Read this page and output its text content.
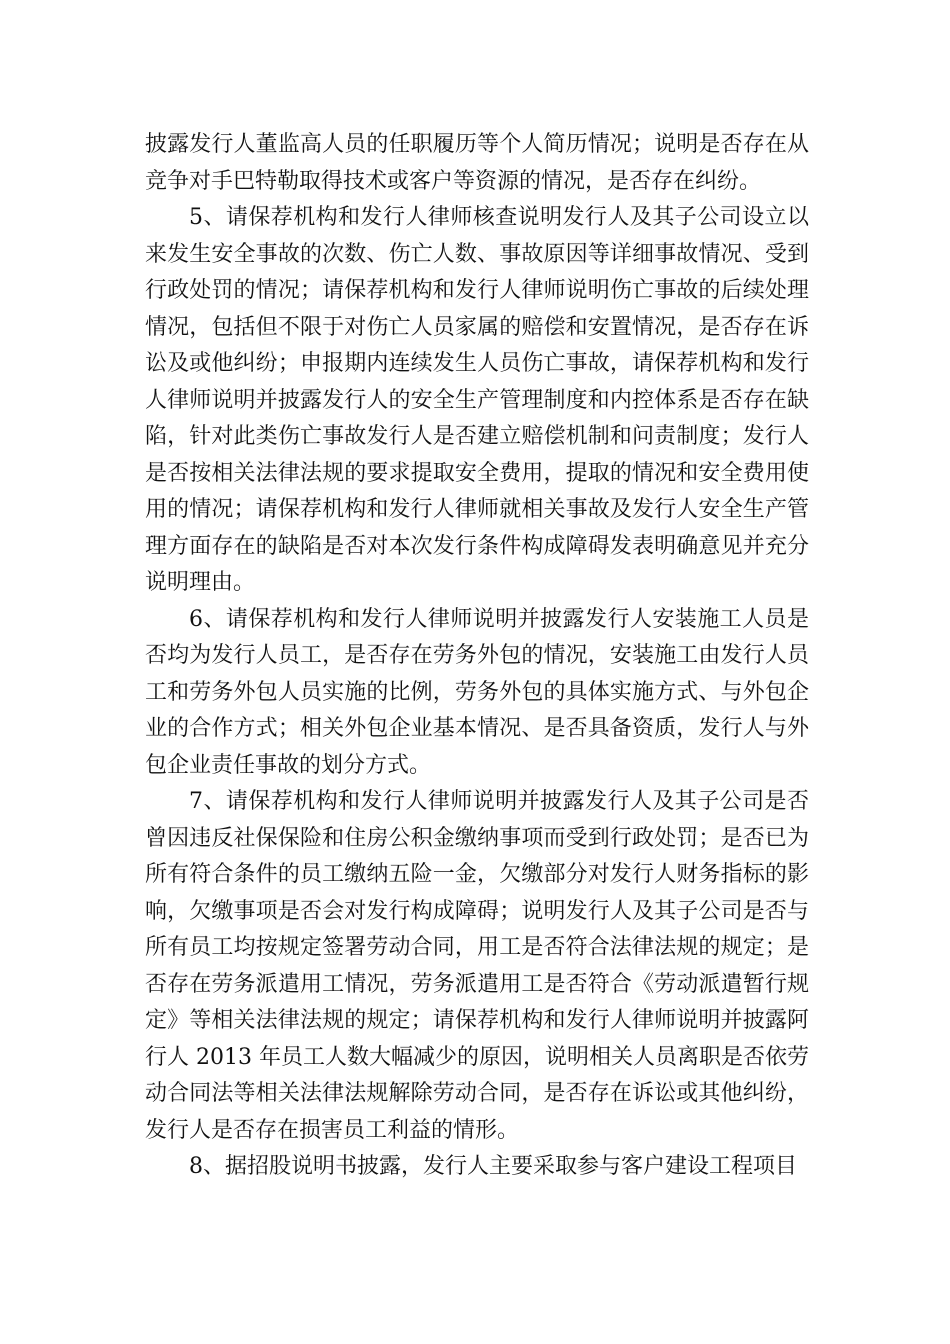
披露发行人董监高人员的任职履历等个人简历情况；说明是否存在从竞争对手巴特勒取得技术或客户等资源的情况，是否存在纠纷。

5、请保荐机构和发行人律师核查说明发行人及其子公司设立以来发生安全事故的次数、伤亡人数、事故原因等详细事故情况、受到行政处罚的情况；请保荐机构和发行人律师说明伤亡事故的后续处理情况，包括但不限于对伤亡人员家属的赔偿和安置情况，是否存在诉讼及或他纠纷；申报期内连续发生人员伤亡事故，请保荐机构和发行人律师说明并披露发行人的安全生产管理制度和内控体系是否存在缺陷，针对此类伤亡事故发行人是否建立赔偿机制和问责制度；发行人是否按相关法律法规的要求提取安全费用，提取的情况和安全费用使用的情况；请保荐机构和发行人律师就相关事故及发行人安全生产管理方面存在的缺陷是否对本次发行条件构成障碍发表明确意见并充分说明理由。

6、请保荐机构和发行人律师说明并披露发行人安装施工人员是否均为发行人员工，是否存在劳务外包的情况，安装施工由发行人员工和劳务外包人员实施的比例，劳务外包的具体实施方式、与外包企业的合作方式；相关外包企业基本情况、是否具备资质，发行人与外包企业责任事故的划分方式。

7、请保荐机构和发行人律师说明并披露发行人及其子公司是否曾因违反社保保险和住房公积金缴纳事项而受到行政处罚；是否已为所有符合条件的员工缴纳五险一金，欠缴部分对发行人财务指标的影响，欠缴事项是否会对发行构成障碍；说明发行人及其子公司是否与所有员工均按规定签署劳动合同，用工是否符合法律法规的规定；是否存在劳务派遣用工情况，劳务派遣用工是否符合《劳动派遣暂行规定》等相关法律法规的规定；请保荐机构和发行人律师说明并披露阿行人 2013 年员工人数大幅减少的原因，说明相关人员离职是否依劳动合同法等相关法律法规解除劳动合同，是否存在诉讼或其他纠纷，发行人是否存在损害员工利益的情形。

8、据招股说明书披露，发行人主要采取参与客户建设工程项目
